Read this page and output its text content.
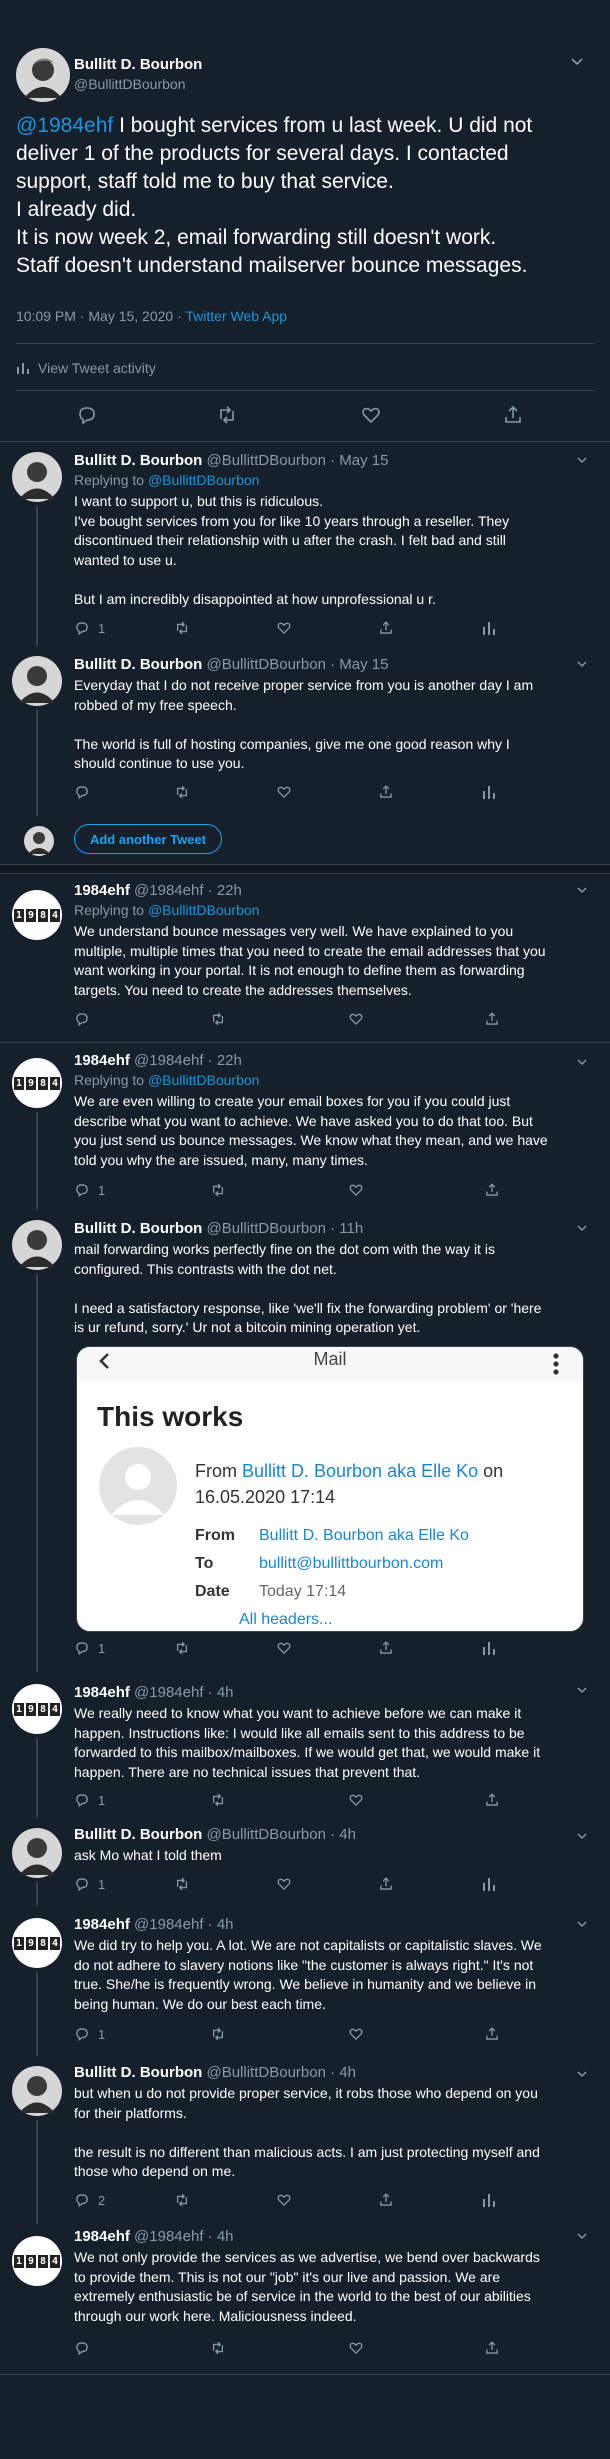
Bullitt D. Bourbon
@BullittDBourbon

@1984ehf I bought services from u last week. U did not

deliver 1 of the products for several days. I contacted

support, staff told me to buy that service.

I already did.

It is now week 2, email forwarding still doesn't work.

Staff doesn't understand mailserver bounce messages.

10:09 PM · May 15, 2020 · Twitter Web App
View Tweet activity
Bullitt D. Bourbon @BullittDBourbon · May 15
Replying to @BullittDBourbon

I want to support u, but this is ridiculous.

I've bought services from you for like 10 years through a reseller. They

discontinued their relationship with u after the crash. I felt bad and still

wanted to use u.

But I am incredibly disappointed at how unprofessional u r.

1
Bullitt D. Bourbon @BullittDBourbon · May 15

Everyday that I do not receive proper service from you is another day I am

robbed of my free speech.

The world is full of hosting companies, give me one good reason why I

should continue to use you.

Add another Tweet
1 9 8 4
1984ehf @1984ehf · 22h
Replying to @BullittDBourbon

We understand bounce messages very well. We have explained to you

multiple, multiple times that you need to create the email addresses that you

want working in your portal. It is not enough to define them as forwarding

targets. You need to create the addresses themselves.

1 9 8 4
1984ehf @1984ehf · 22h
Replying to @BullittDBourbon

We are even willing to create your email boxes for you if you could just

describe what you want to achieve. We have asked you to do that too. But

you just send us bounce messages. We know what they mean, and we have

told you why the are issued, many, many times.

1
Bullitt D. Bourbon @BullittDBourbon · 11h

mail forwarding works perfectly fine on the dot com with the way it is

configured. This contrasts with the dot net.

I need a satisfactory response, like 'we'll fix the forwarding problem' or 'here

is ur refund, sorry.' Ur not a bitcoin mining operation yet.

Mail
This works
From Bullitt D. Bourbon aka Elle Ko on
16.05.2020 17:14
From Bullitt D. Bourbon aka Elle Ko
To	bullitt@bullittbourbon.com
Date Today 17:14
All headers...
1
1 9 8 4
1984ehf @1984ehf · 4h

We really need to know what you want to achieve before we can make it

happen. Instructions like: I would like all emails sent to this address to be

forwarded to this mailbox/mailboxes. If we would get that, we would make it

happen. There are no technical issues that prevent that.

1
Bullitt D. Bourbon @BullittDBourbon · 4h

ask Mo what I told them

1
1 9 8 4
1984ehf @1984ehf · 4h

We did try to help you. A lot. We are not capitalists or capitalistic slaves. We

do not adhere to slavery notions like "the customer is always right." It's not

true. She/he is frequently wrong. We believe in humanity and we believe in

being human. We do our best each time.

1
Bullitt D. Bourbon @BullittDBourbon · 4h

but when u do not provide proper service, it robs those who depend on you

for their platforms.

the result is no different than malicious acts. I am just protecting myself and

those who depend on me.

2
1 9 8 4
1984ehf @1984ehf · 4h

We not only provide the services as we advertise, we bend over backwards

to provide them. This is not our "job" it's our live and passion. We are

extremely enthusiastic be of service in the world to the best of our abilities

through our work here. Maliciousness indeed.
